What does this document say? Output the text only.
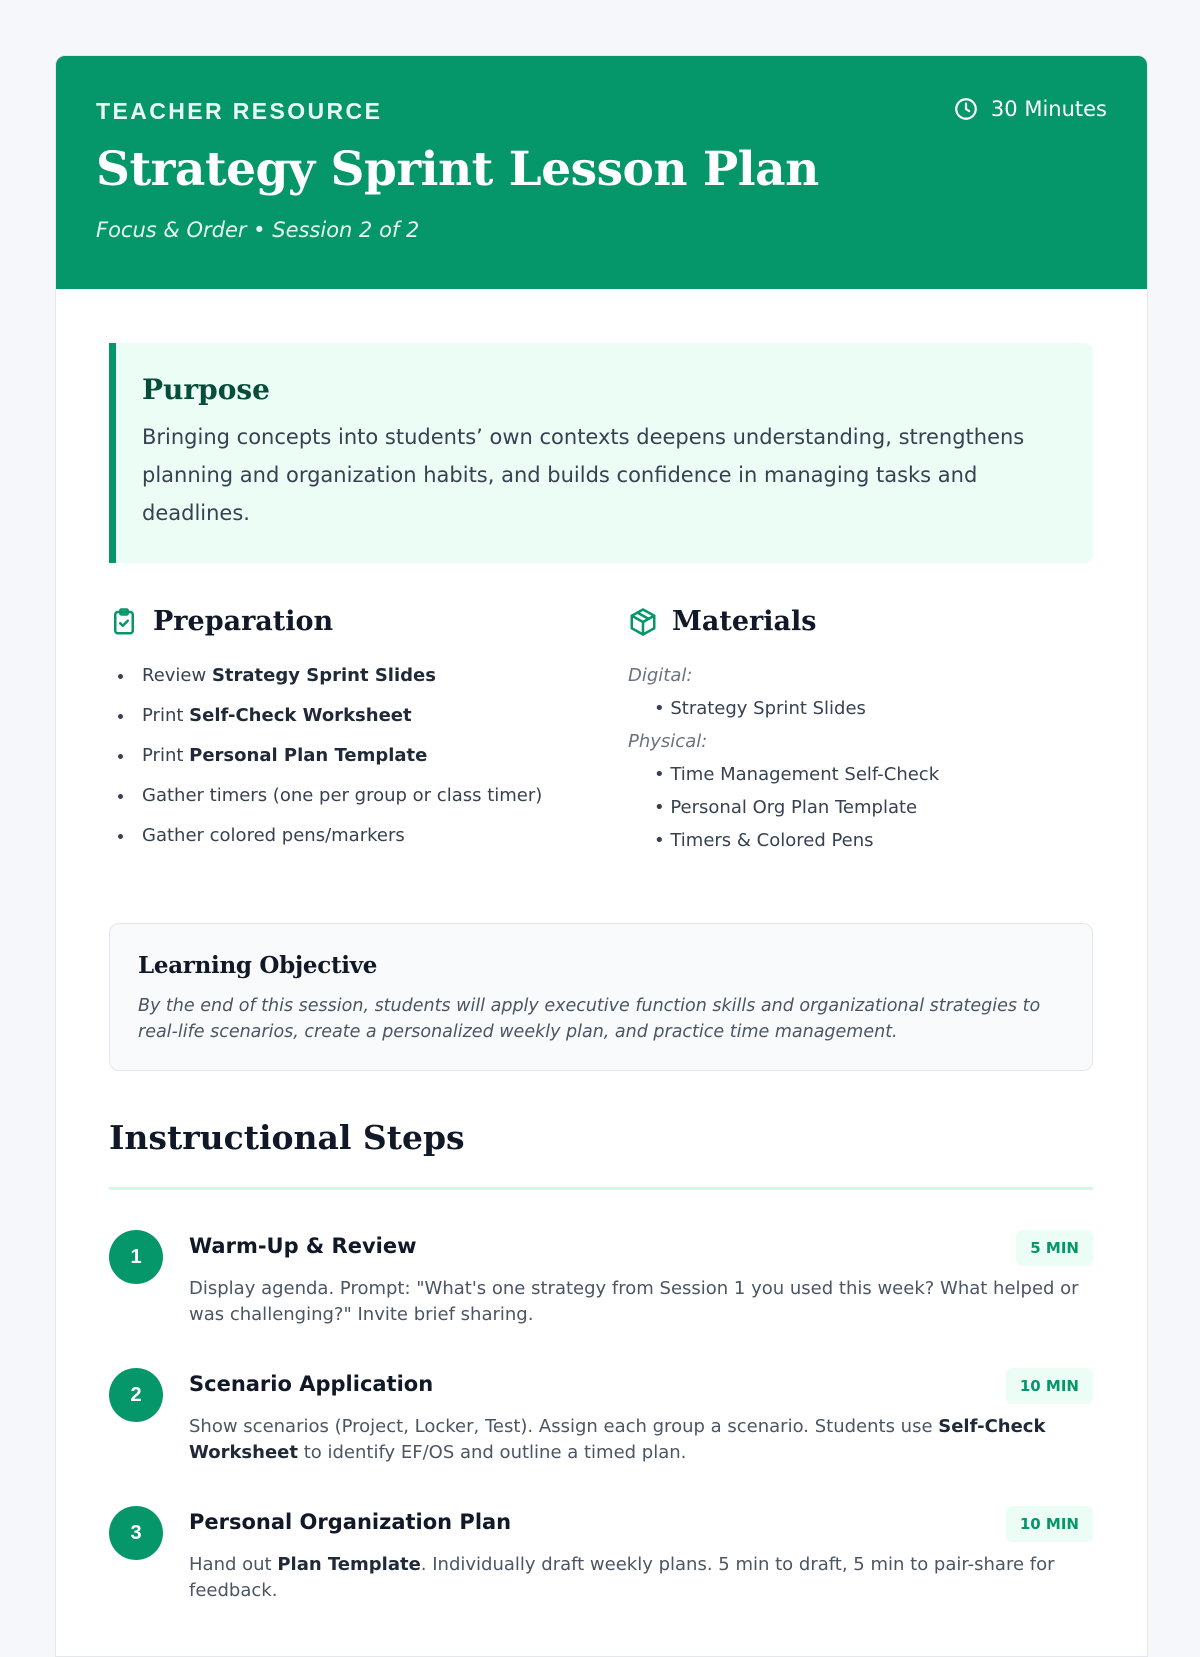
TEACHER RESOURCE	30 Minutes
Strategy Sprint Lesson Plan
Focus & Order • Session 2 of 2
Purpose

Bringing concepts into students’ own contexts deepens understanding, strengthens planning and organization habits, and builds confidence in managing tasks and deadlines.

Preparation
Review Strategy Sprint Slides
Print Self-Check Worksheet
Print Personal Plan Template
Gather timers (one per group or class timer)
Gather colored pens/markers
Materials
Digital:
• Strategy Sprint Slides
Physical:
• Time Management Self-Check
• Personal Org Plan Template
• Timers & Colored Pens
Learning Objective

By the end of this session, students will apply executive function skills and organizational strategies to real-life scenarios, create a personalized weekly plan, and practice time management.

Instructional Steps
1	Warm-Up & Review	5 MIN

Display agenda. Prompt: "What's one strategy from Session 1 you used this week? What helped or was challenging?" Invite brief sharing.

2	Scenario Application	10 MIN

Show scenarios (Project, Locker, Test). Assign each group a scenario. Students use Self-Check Worksheet to identify EF/OS and outline a timed plan.

3	Personal Organization Plan	10 MIN

Hand out Plan Template. Individually draft weekly plans. 5 min to draft, 5 min to pair-share for feedback.
